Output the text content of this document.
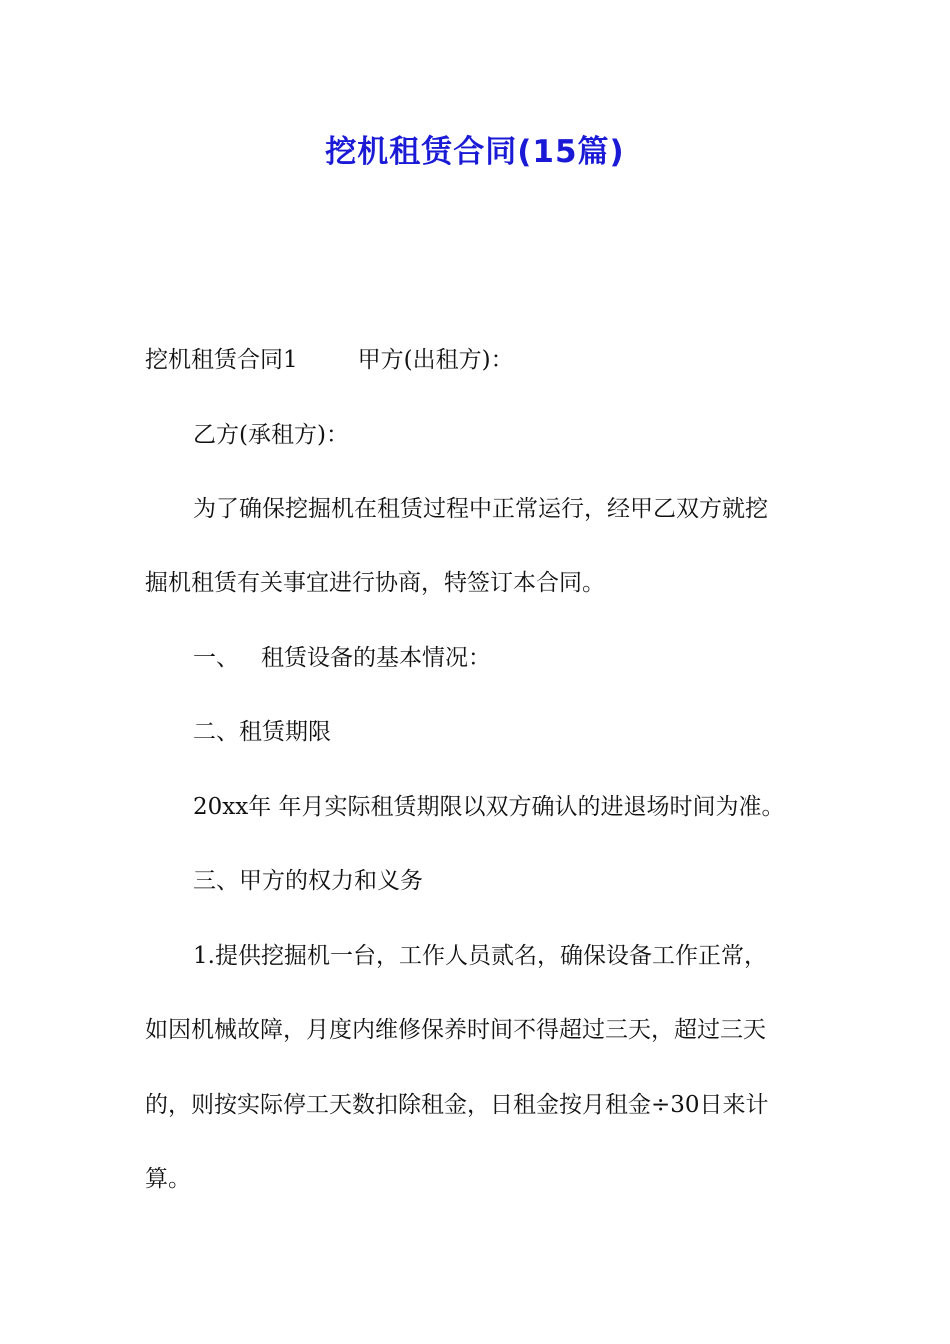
挖机租赁合同(15篇)
挖机租赁合同1	甲方(出租方)：
乙方(承租方)：
为了确保挖掘机在租赁过程中正常运行，经甲乙双方就挖
掘机租赁有关事宜进行协商，特签订本合同。
一、 租赁设备的基本情况：
二、租赁期限
20xx年 年月实际租赁期限以双方确认的进退场时间为准。
三、甲方的权力和义务
1.提供挖掘机一台，工作人员贰名，确保设备工作正常，
如因机械故障，月度内维修保养时间不得超过三天，超过三天
的，则按实际停工天数扣除租金，日租金按月租金÷30日来计
算。
